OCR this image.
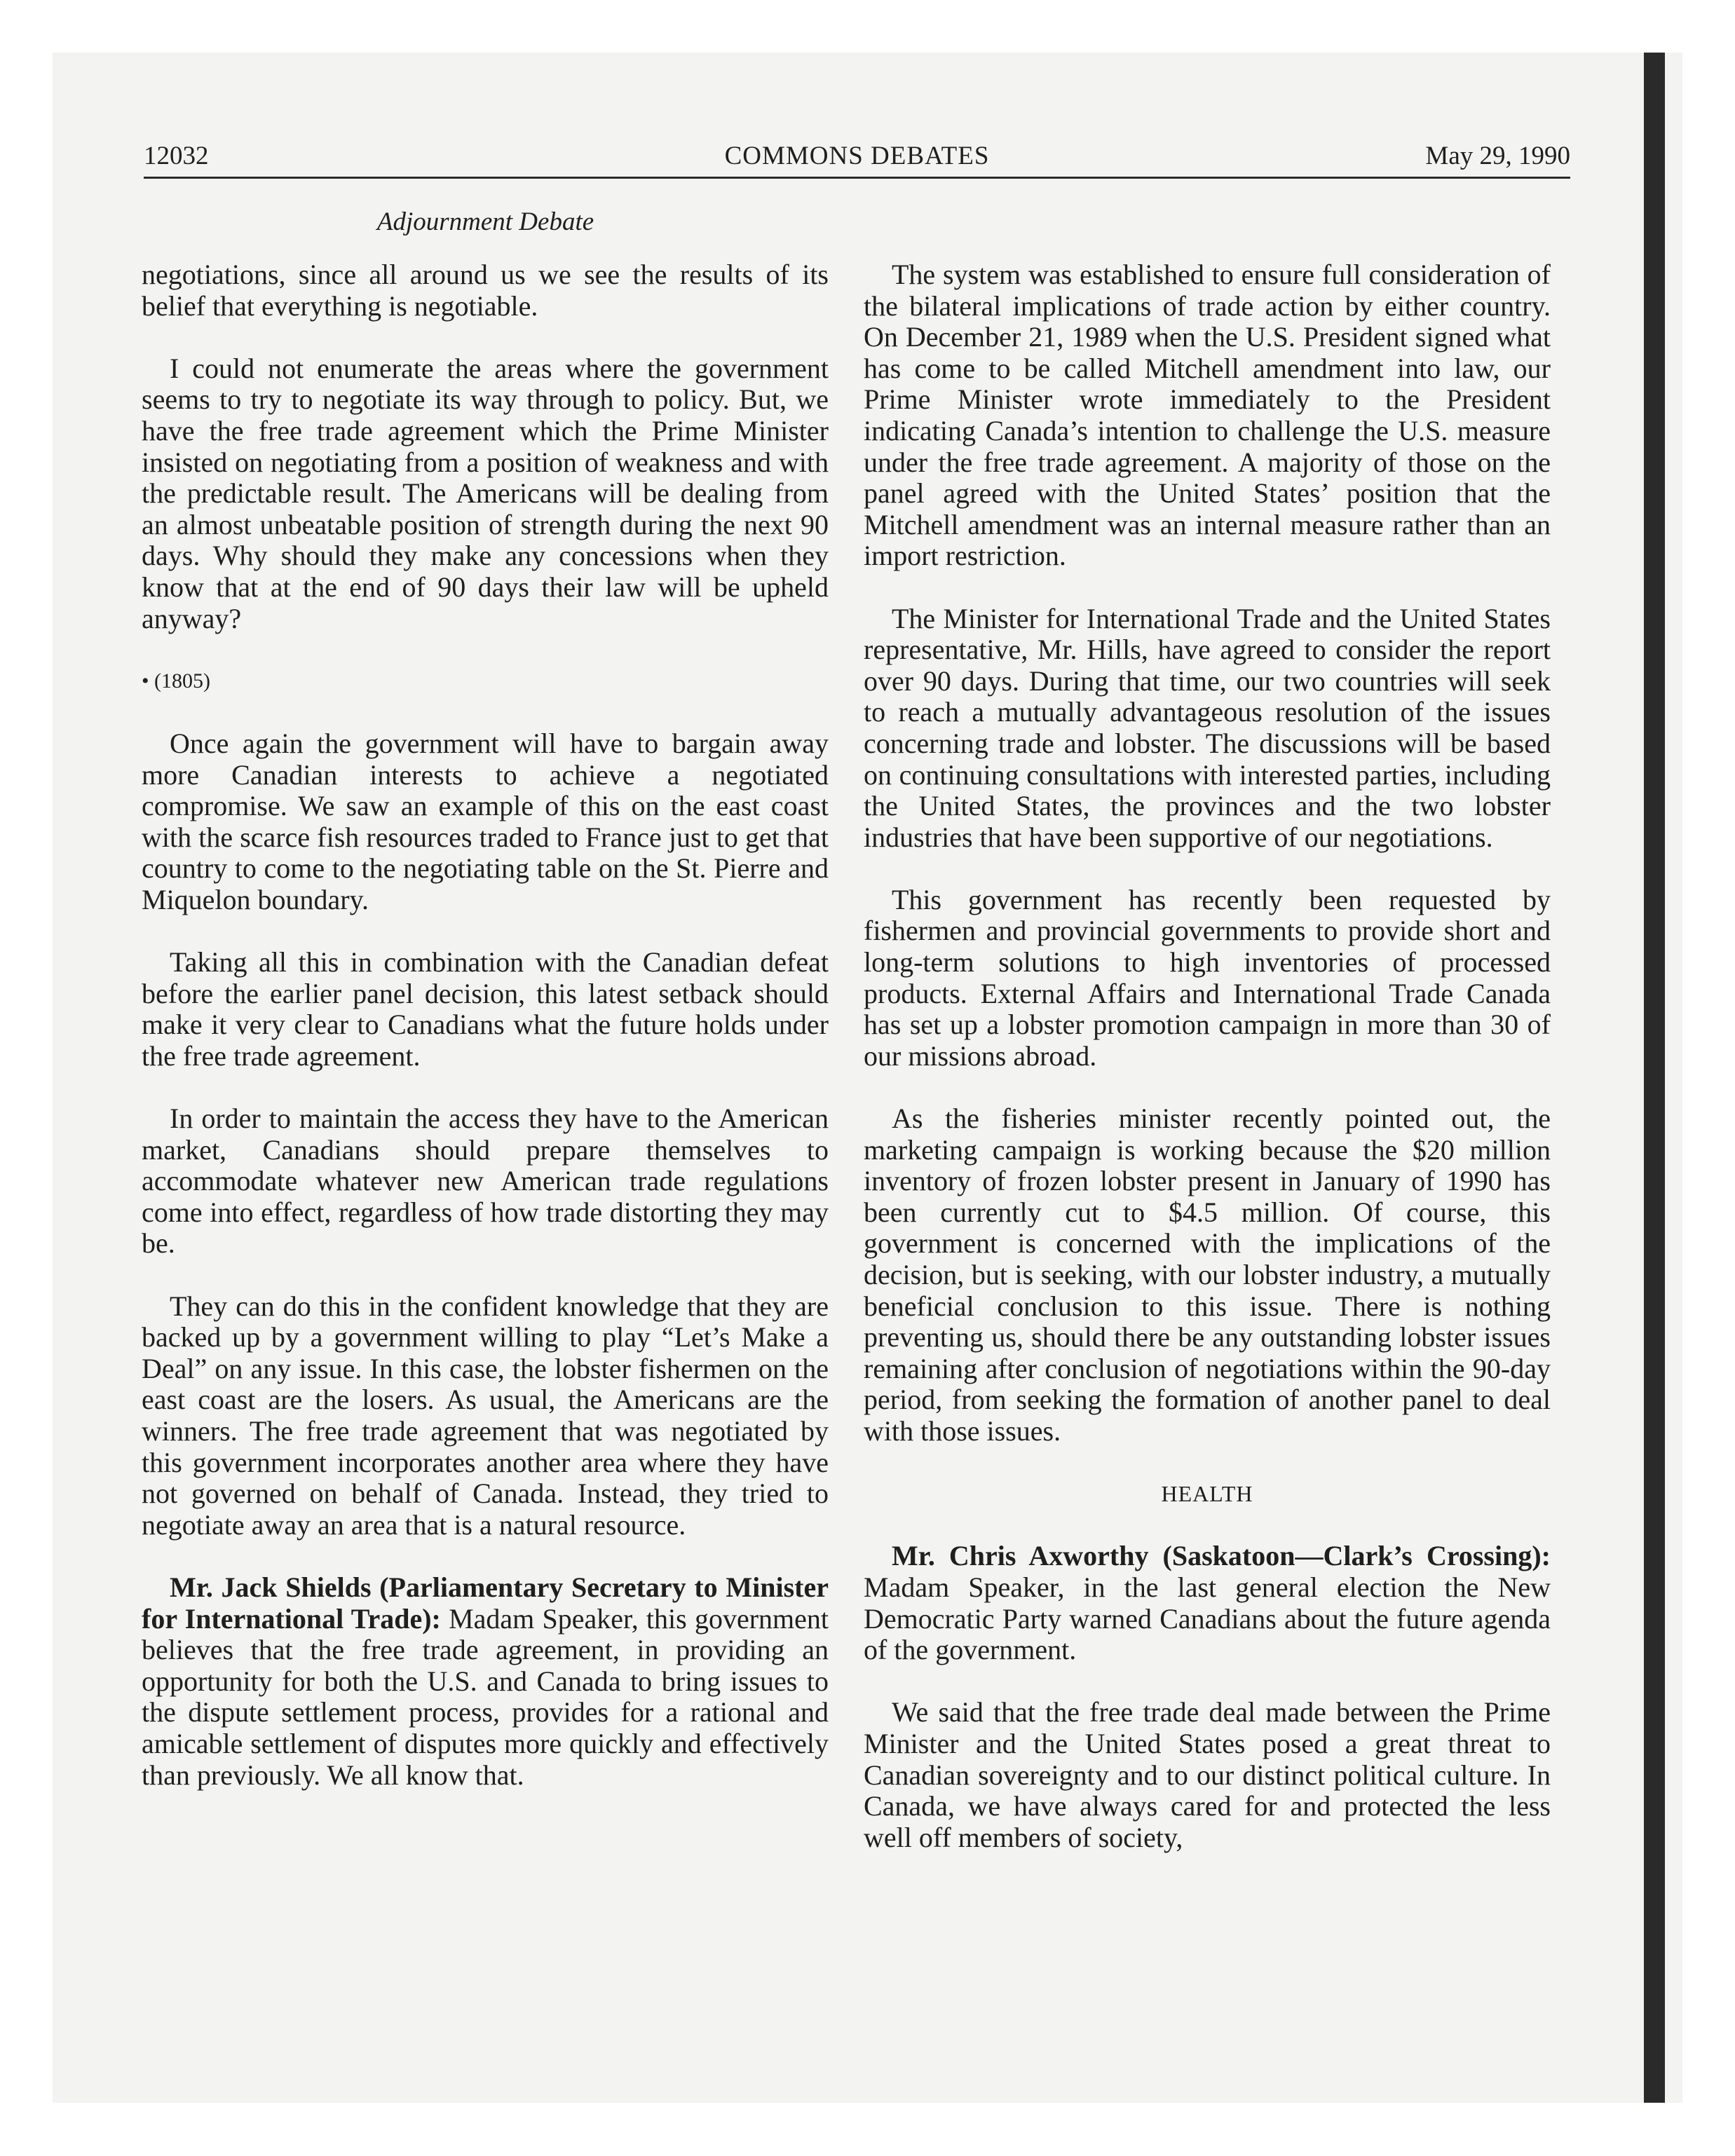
12032	COMMONS DEBATES	May 29, 1990
Adjournment Debate

negotiations, since all around us we see the results of its belief that everything is negotiable.

I could not enumerate the areas where the government seems to try to negotiate its way through to policy. But, we have the free trade agreement which the Prime Minister insisted on negotiating from a position of weakness and with the predictable result. The Americans will be dealing from an almost unbeatable position of strength during the next 90 days. Why should they make any concessions when they know that at the end of 90 days their law will be upheld anyway?

• (1805)

Once again the government will have to bargain away more Canadian interests to achieve a negotiated compromise. We saw an example of this on the east coast with the scarce fish resources traded to France just to get that country to come to the negotiating table on the St. Pierre and Miquelon boundary.

Taking all this in combination with the Canadian defeat before the earlier panel decision, this latest setback should make it very clear to Canadians what the future holds under the free trade agreement.

In order to maintain the access they have to the American market, Canadians should prepare themselves to accommodate whatever new American trade regulations come into effect, regardless of how trade distorting they may be.

They can do this in the confident knowledge that they are backed up by a government willing to play “Let’s Make a Deal” on any issue. In this case, the lobster fishermen on the east coast are the losers. As usual, the Americans are the winners. The free trade agreement that was negotiated by this government incorporates another area where they have not governed on behalf of Canada. Instead, they tried to negotiate away an area that is a natural resource.

Mr. Jack Shields (Parliamentary Secretary to Minister for International Trade): Madam Speaker, this government believes that the free trade agreement, in providing an opportunity for both the U.S. and Canada to bring issues to the dispute settlement process, provides for a rational and amicable settlement of disputes more quickly and effectively than previously. We all know that.

The system was established to ensure full consideration of the bilateral implications of trade action by either country. On December 21, 1989 when the U.S. President signed what has come to be called Mitchell amendment into law, our Prime Minister wrote immediately to the President indicating Canada’s intention to challenge the U.S. measure under the free trade agreement. A majority of those on the panel agreed with the United States’ position that the Mitchell amendment was an internal measure rather than an import restriction.

The Minister for International Trade and the United States representative, Mr. Hills, have agreed to consider the report over 90 days. During that time, our two countries will seek to reach a mutually advantageous resolution of the issues concerning trade and lobster. The discussions will be based on continuing consultations with interested parties, including the United States, the provinces and the two lobster industries that have been supportive of our negotiations.

This government has recently been requested by fishermen and provincial governments to provide short and long-term solutions to high inventories of processed products. External Affairs and International Trade Canada has set up a lobster promotion campaign in more than 30 of our missions abroad.

As the fisheries minister recently pointed out, the marketing campaign is working because the $20 million inventory of frozen lobster present in January of 1990 has been currently cut to $4.5 million. Of course, this government is concerned with the implications of the decision, but is seeking, with our lobster industry, a mutually beneficial conclusion to this issue. There is nothing preventing us, should there be any outstanding lobster issues remaining after conclusion of negotiations within the 90-day period, from seeking the formation of another panel to deal with those issues.

HEALTH

Mr. Chris Axworthy (Saskatoon—Clark’s Crossing): Madam Speaker, in the last general election the New Democratic Party warned Canadians about the future agenda of the government.

We said that the free trade deal made between the Prime Minister and the United States posed a great threat to Canadian sovereignty and to our distinct political culture. In Canada, we have always cared for and protected the less well off members of society,
